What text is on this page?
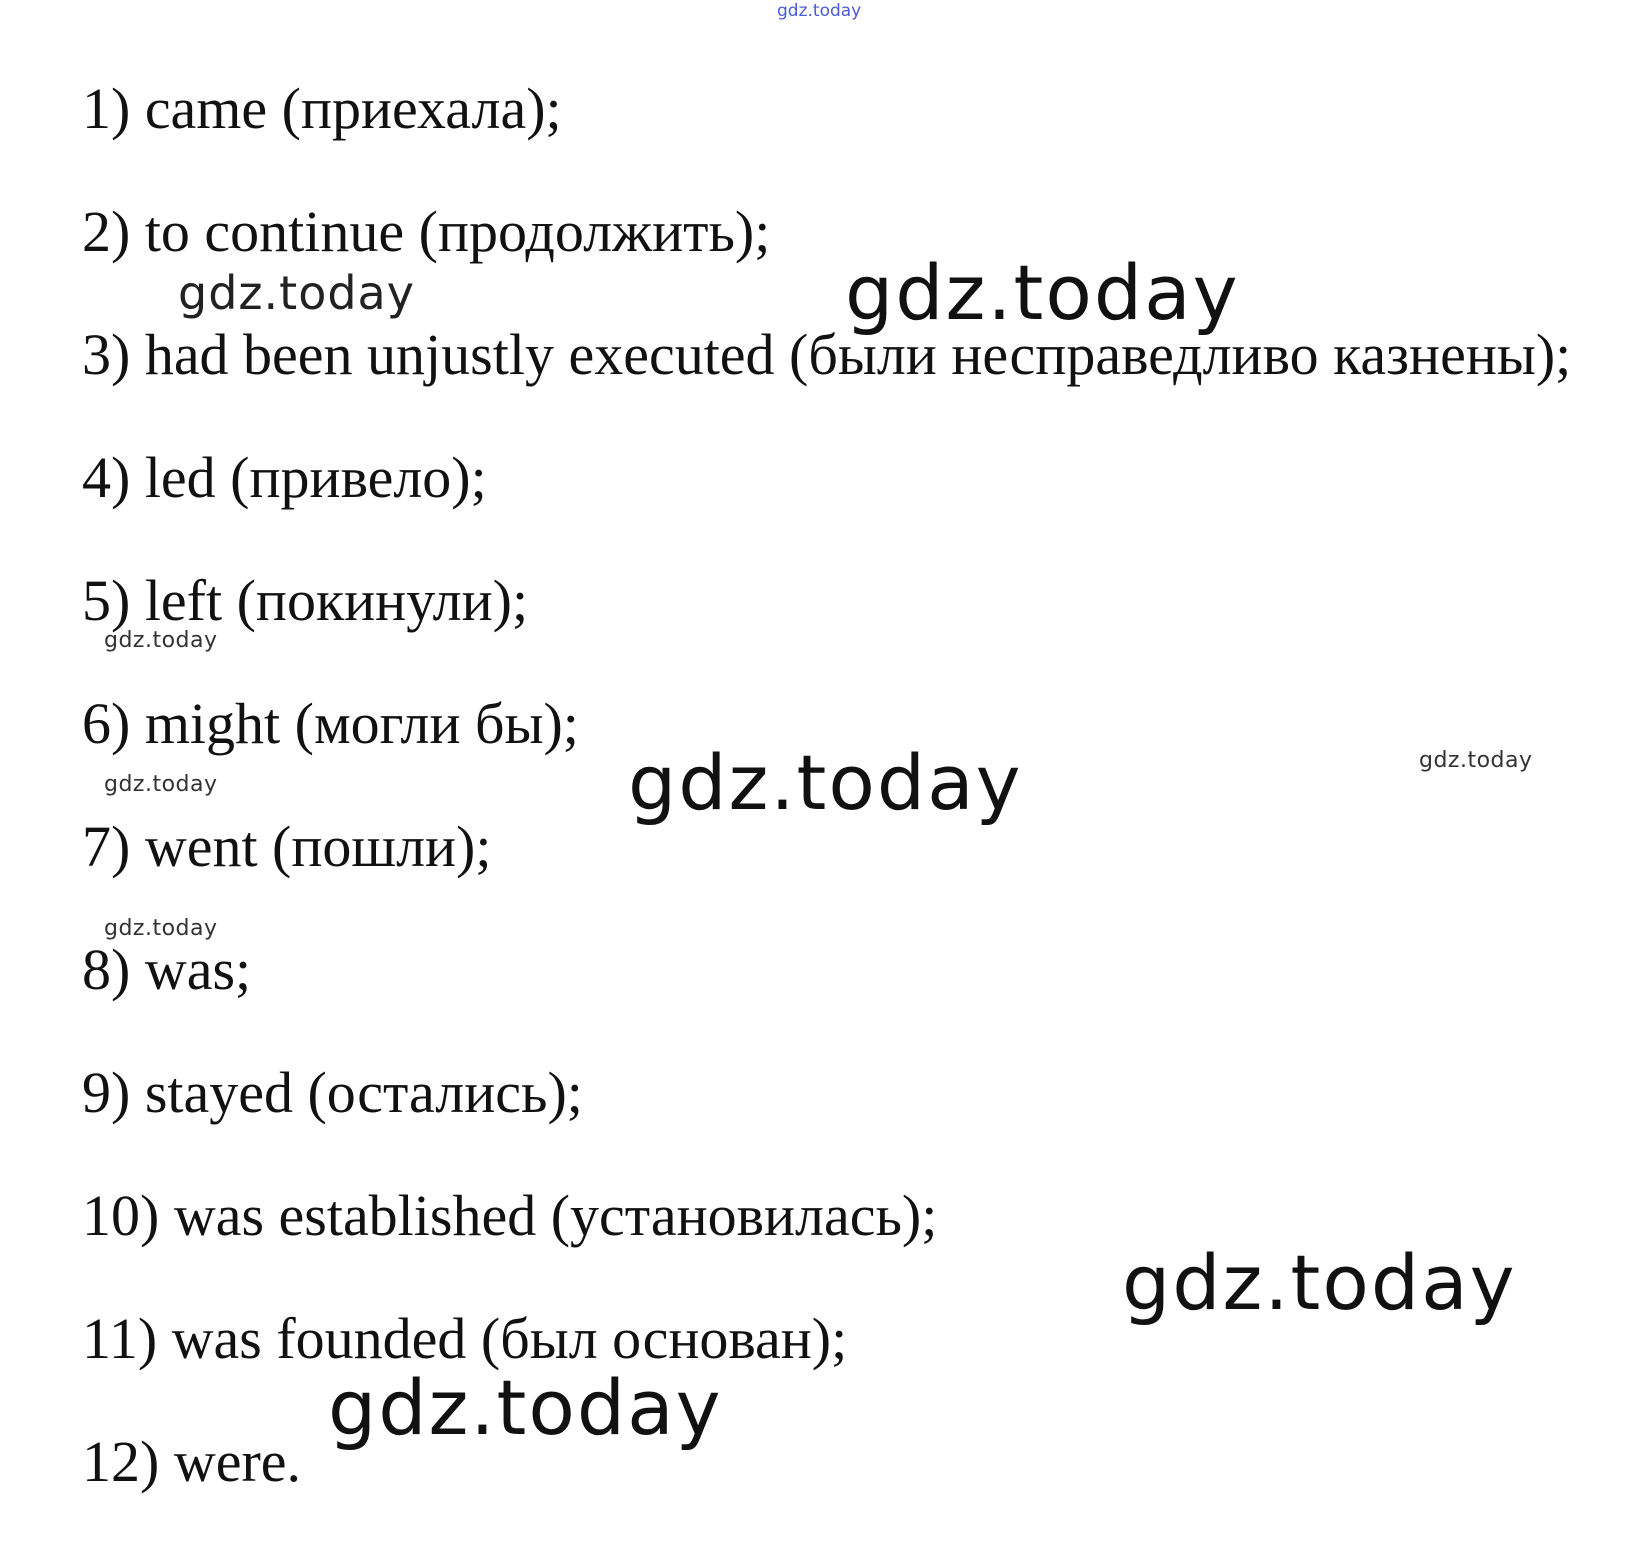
gdz.today
gdz.today	gdz.today
gdz.today
gdz.today	gdz.today	gdz.today
gdz.today
gdz.today
gdz.today

1) came (приехала);

2) to continue (продолжить);

3) had been unjustly executed (были несправедливо казнены);

4) led (привело);

5) left (покинули);

6) might (могли бы);

7) went (пошли);

8) was;

9) stayed (остались);

10) was established (установилась);

11) was founded (был основан);

12) were.
